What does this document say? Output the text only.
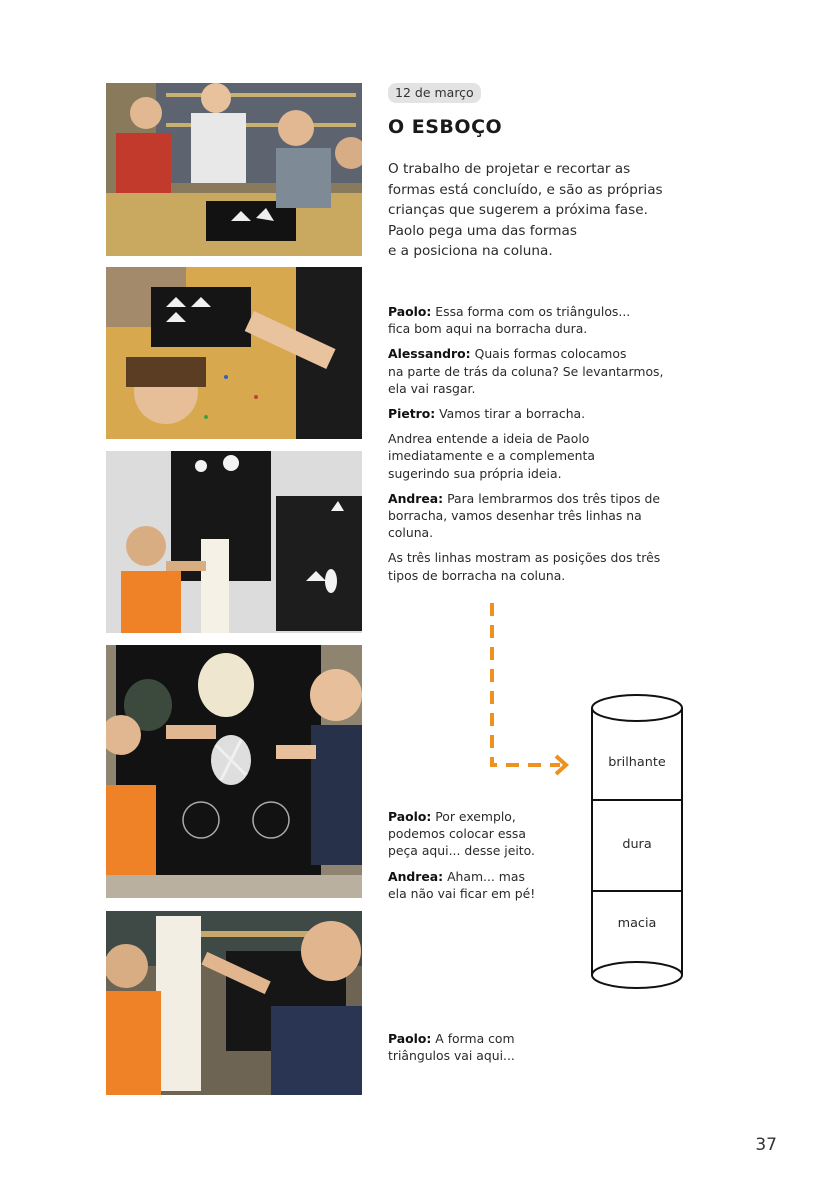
12 de março
O ESBOÇO
O trabalho de projetar e recortar as
formas está concluído, e são as próprias
crianças que sugerem a próxima fase.
Paolo pega uma das formas
e a posiciona na coluna.

Paolo: Essa forma com os triângulos...
fica bom aqui na borracha dura.

Alessandro: Quais formas colocamos
na parte de trás da coluna? Se levantarmos,
ela vai rasgar.

Pietro: Vamos tirar a borracha.

Andrea entende a ideia de Paolo
imediatamente e a complementa
sugerindo sua própria ideia.

Andrea: Para lembrarmos dos três tipos de
borracha, vamos desenhar três linhas na
coluna.

As três linhas mostram as posições dos três
tipos de borracha na coluna.

brilhante
dura
macia

Paolo: Por exemplo,
podemos colocar essa
peça aqui... desse jeito.

Andrea: Aham... mas
ela não vai ficar em pé!

Paolo: A forma com
triângulos vai aqui...

37
